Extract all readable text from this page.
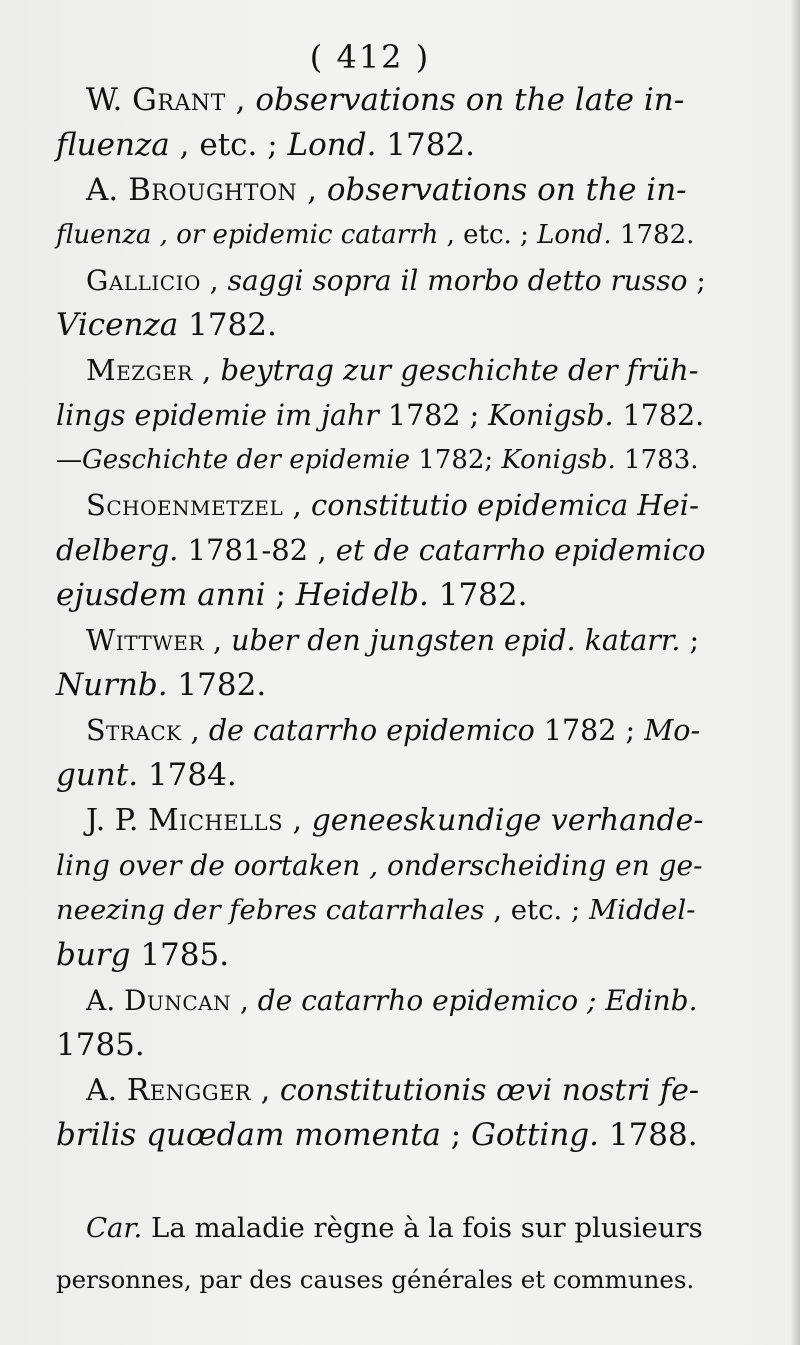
( 412 )

W. Grant , observations on the late in-
fluenza , etc. ; Lond. 1782.

A. Broughton , observations on the in-
fluenza , or epidemic catarrh , etc. ; Lond. 1782.

Gallicio , saggi sopra il morbo detto russo ;
Vicenza 1782.

Mezger , beytrag zur geschichte der früh-
lings epidemie im jahr 1782 ; Konigsb. 1782.
—Geschichte der epidemie 1782; Konigsb. 1783.

Schoenmetzel , constitutio epidemica Hei-
delberg. 1781-82 , et de catarrho epidemico
ejusdem anni ; Heidelb. 1782.

Wittwer , uber den jungsten epid. katarr. ;
Nurnb. 1782.

Strack , de catarrho epidemico 1782 ; Mo-
gunt. 1784.

J. P. Michells , geneeskundige verhande-
ling over de oortaken , onderscheiding en ge-
neezing der febres catarrhales , etc. ; Middel-
burg 1785.

A. Duncan , de catarrho epidemico ; Edinb.
1785.

A. Rengger , constitutionis œvi nostri fe-
brilis quœdam momenta ; Gotting. 1788.

Car. La maladie règne à la fois sur plusieurs
personnes, par des causes générales et communes.
